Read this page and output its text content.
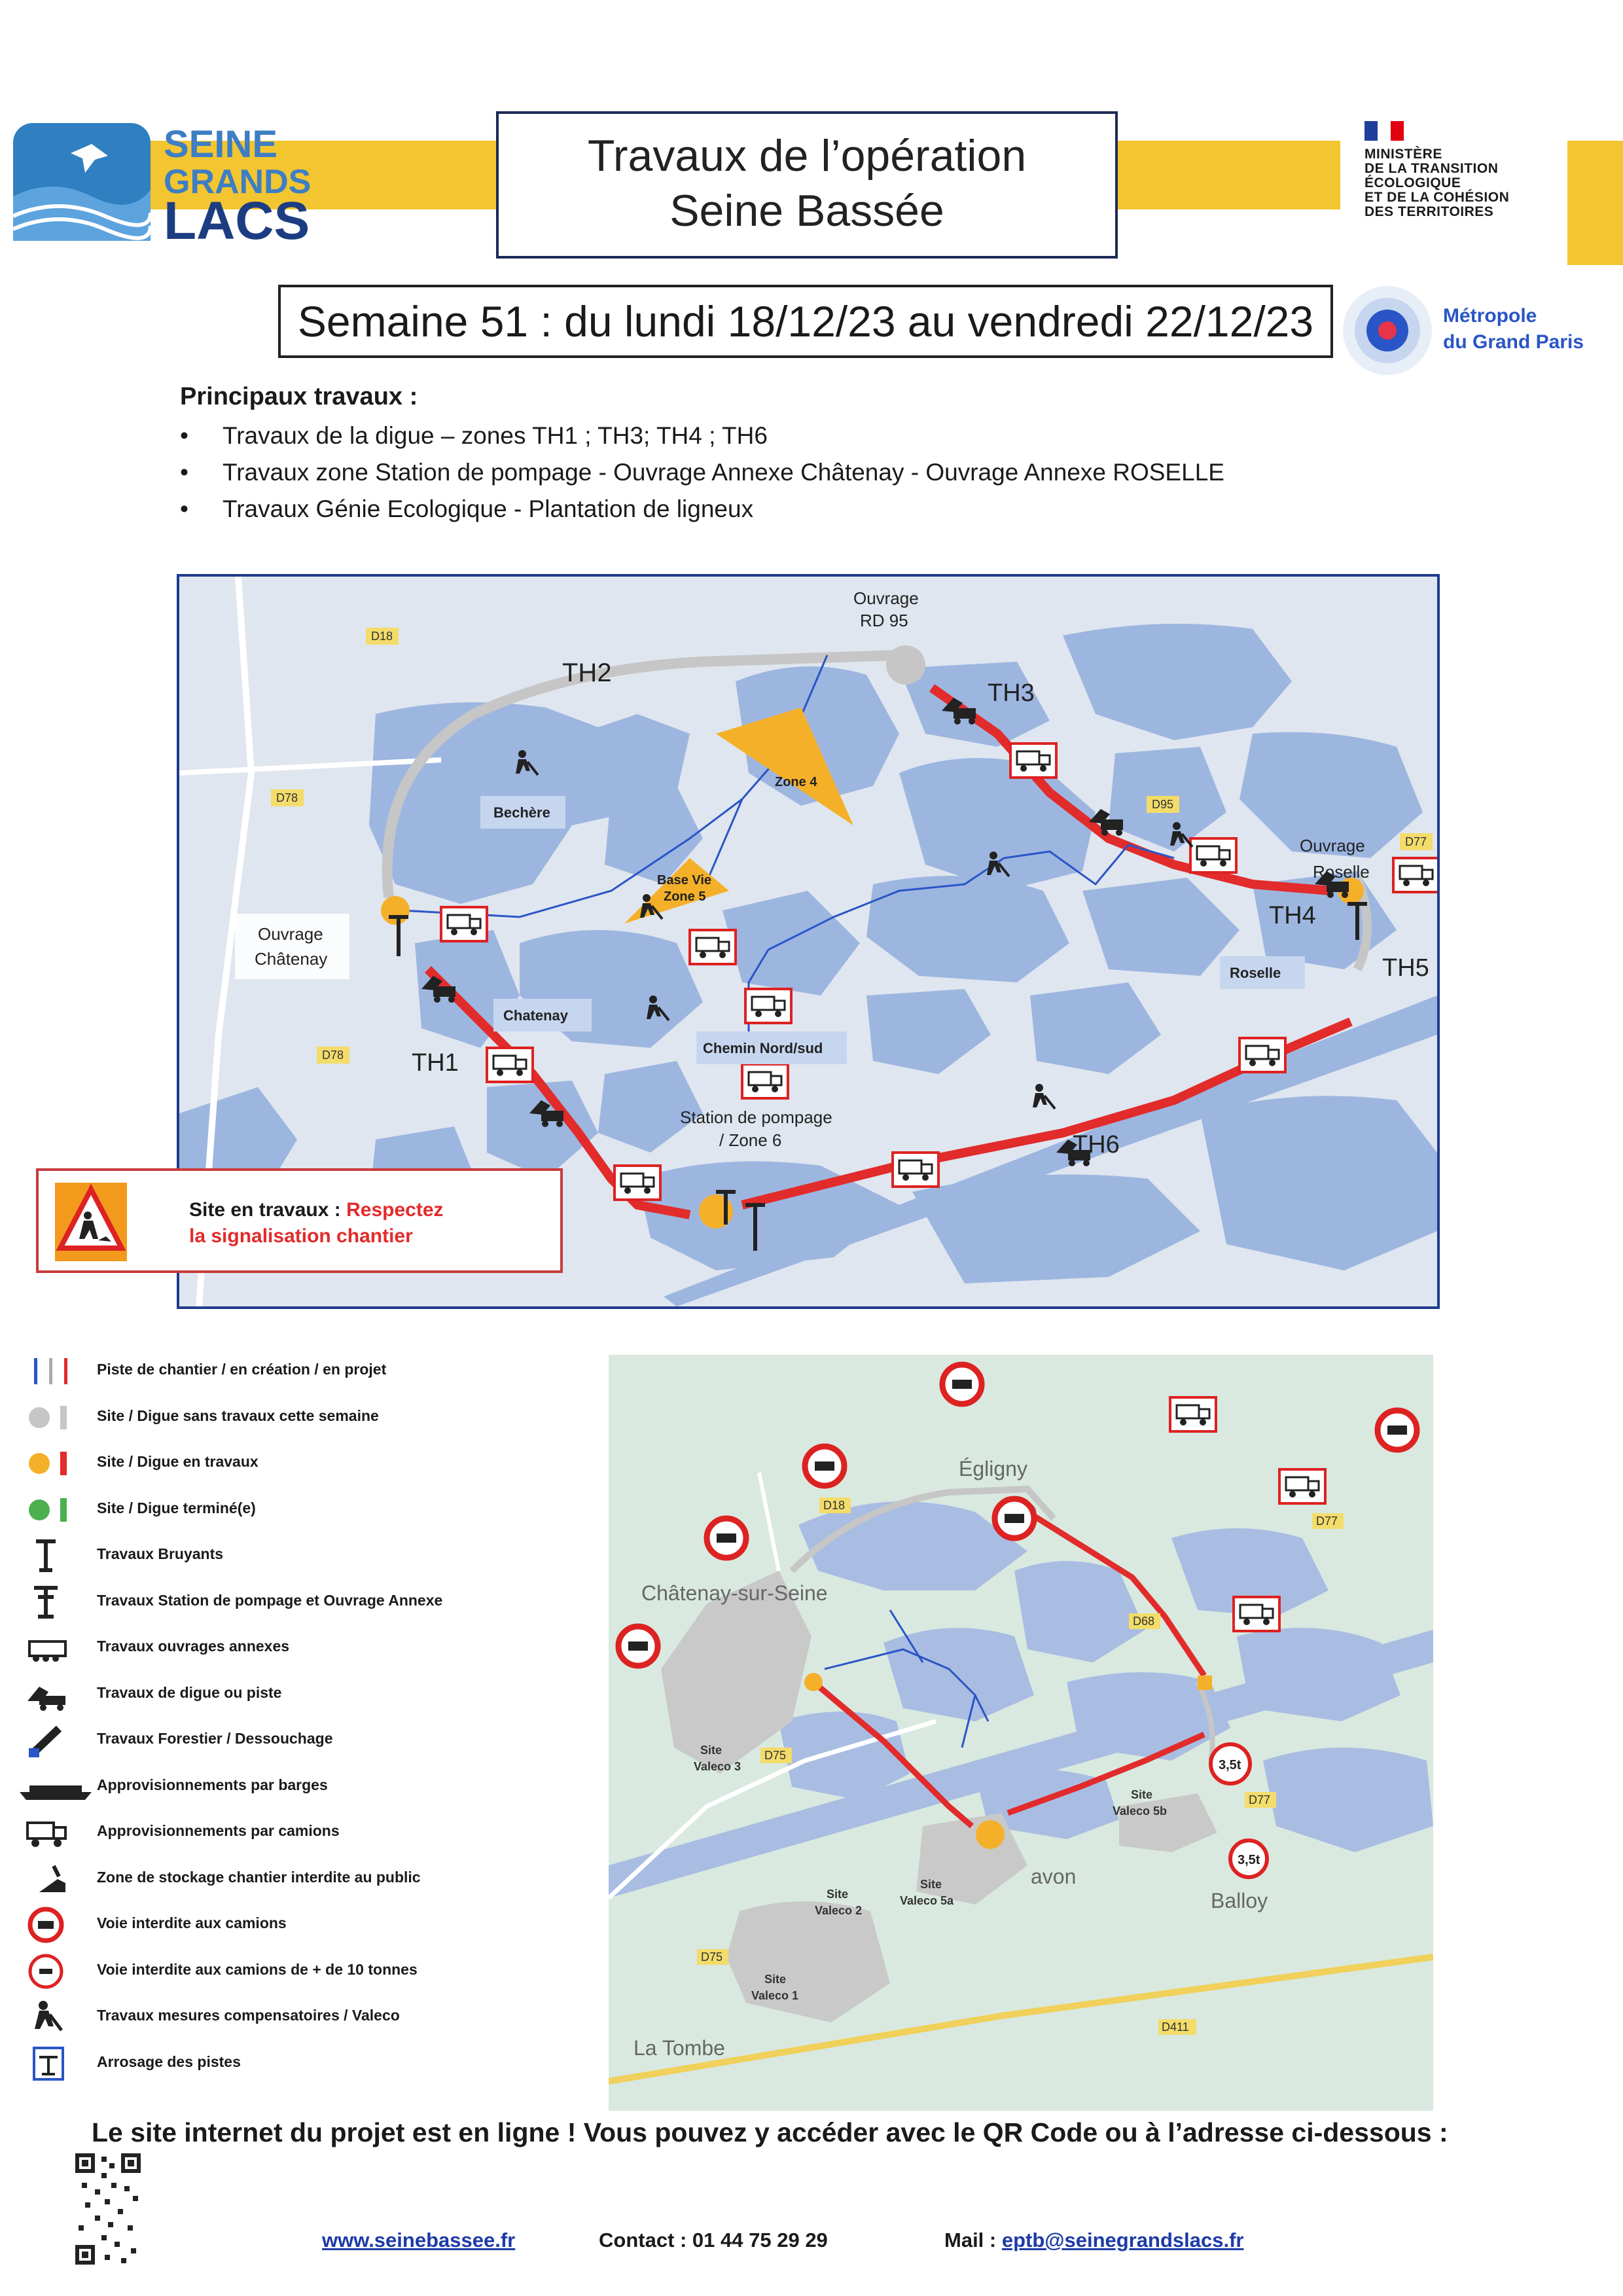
SEINE
GRANDS
LACS
Travaux de l’opération
Seine Bassée
Semaine 51 : du lundi 18/12/23 au vendredi 22/12/23
MINISTÈRE
DE LA TRANSITION
ÉCOLOGIQUE
ET DE LA COHÉSION
DES TERRITOIRES
Métropole
du Grand Paris
Principaux travaux :
• Travaux de la digue – zones TH1 ; TH3; TH4 ; TH6
• Travaux zone Station de pompage - Ouvrage Annexe Châtenay - Ouvrage Annexe ROSELLE
• Travaux Génie Ecologique - Plantation de ligneux
D18
D78
D78
D95
D77
Ouvrage
RD 95
TH2
TH3
TH4
TH5
TH1
TH6
Zone 4
Base Vie
Zone 5
Bechère
Chatenay
Chemin Nord/sud
Roselle
Ouvrage
Châtenay
Station de pompage
/ Zone 6
Ouvrage
Roselle
Site en travaux : Respectez
la signalisation chantier
Piste de chantier / en création / en projet
Site / Digue sans travaux cette semaine
Site / Digue en travaux
Site / Digue terminé(e)
Travaux Bruyants
Travaux Station de pompage et Ouvrage Annexe
Travaux ouvrages annexes
Travaux de digue ou piste
Travaux Forestier / Dessouchage
Approvisionnements par barges
Approvisionnements par camions
Zone de stockage chantier interdite au public
Voie interdite aux camions
Voie interdite aux camions de + de 10 tonnes
Travaux mesures compensatoires / Valeco
Arrosage des pistes
3,5t
3,5t
D18
D75
D75
D68
D77
D77
D411
Égligny
Châtenay-sur-Seine
avon
Balloy
La Tombe
Site
Valeco 3
Site
Valeco 5b
Site
Valeco 2
Site
Valeco 5a
Site
Valeco 1
Le site internet du projet est en ligne ! Vous pouvez y accéder avec le QR Code ou à l’adresse ci-dessous :
www.seinebassee.fr	Contact : 01 44 75 29 29	Mail : eptb@seinegrandslacs.fr
